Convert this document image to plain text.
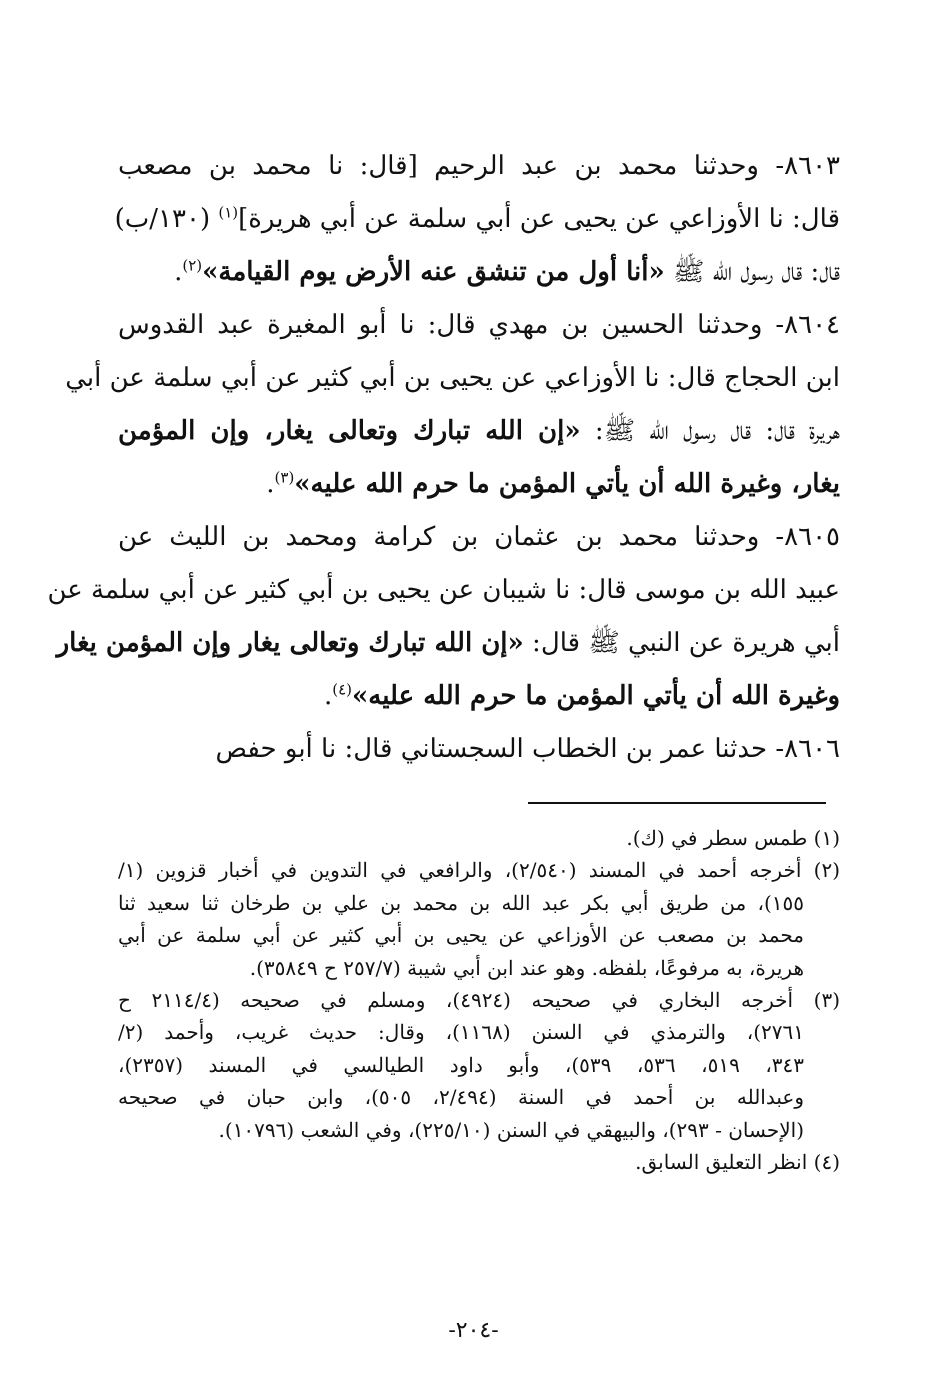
٨٦٠٣- وحدثنا محمد بن عبد الرحيم [قال: نا محمد بن مصعب
قال: نا الأوزاعي عن يحيى عن أبي سلمة عن أبي هريرة]$^{(١)}$ (١٣٠/ب)
قال: قال رسول الله ﷺ «أنا أول من تنشق عنه الأرض يوم القيامة»$^{(٢)}$.
٨٦٠٤- وحدثنا الحسين بن مهدي قال: نا أبو المغيرة عبد القدوس
ابن الحجاج قال: نا الأوزاعي عن يحيى بن أبي كثير عن أبي سلمة عن أبي
هريرة قال: قال رسول الله ﷺ: «إن الله تبارك وتعالى يغار، وإن المؤمن
يغار، وغيرة الله أن يأتي المؤمن ما حرم الله عليه»$^{(٣)}$.
٨٦٠٥- وحدثنا محمد بن عثمان بن كرامة ومحمد بن الليث عن
عبيد الله بن موسى قال: نا شيبان عن يحيى بن أبي كثير عن أبي سلمة عن
أبي هريرة عن النبي ﷺ قال: «إن الله تبارك وتعالى يغار وإن المؤمن يغار
وغيرة الله أن يأتي المؤمن ما حرم الله عليه»$^{(٤)}$.
٨٦٠٦- حدثنا عمر بن الخطاب السجستاني قال: نا أبو حفص
(١) طمس سطر في (ك).
(٢) أخرجه أحمد في المسند (٢/٥٤٠)، والرافعي في التدوين في أخبار قزوين (١/
١٥٥)، من طريق أبي بكر عبد الله بن محمد بن علي بن طرخان ثنا سعيد ثنا
محمد بن مصعب عن الأوزاعي عن يحيى بن أبي كثير عن أبي سلمة عن أبي
هريرة، به مرفوعًا، بلفظه. وهو عند ابن أبي شيبة (٢٥٧/٧ ح ٣٥٨٤٩).
(٣) أخرجه البخاري في صحيحه (٤٩٢٤)، ومسلم في صحيحه (٢١١٤/٤ ح
٢٧٦١)، والترمذي في السنن (١١٦٨)، وقال: حديث غريب، وأحمد (٢/
٣٤٣، ٥١٩، ٥٣٦، ٥٣٩)، وأبو داود الطيالسي في المسند (٢٣٥٧)،
وعبدالله بن أحمد في السنة (٢/٤٩٤، ٥٠٥)، وابن حبان في صحيحه
(الإحسان - ٢٩٣)، والبيهقي في السنن (٢٢٥/١٠)، وفي الشعب (١٠٧٩٦).
(٤) انظر التعليق السابق.
-٢٠٤-
